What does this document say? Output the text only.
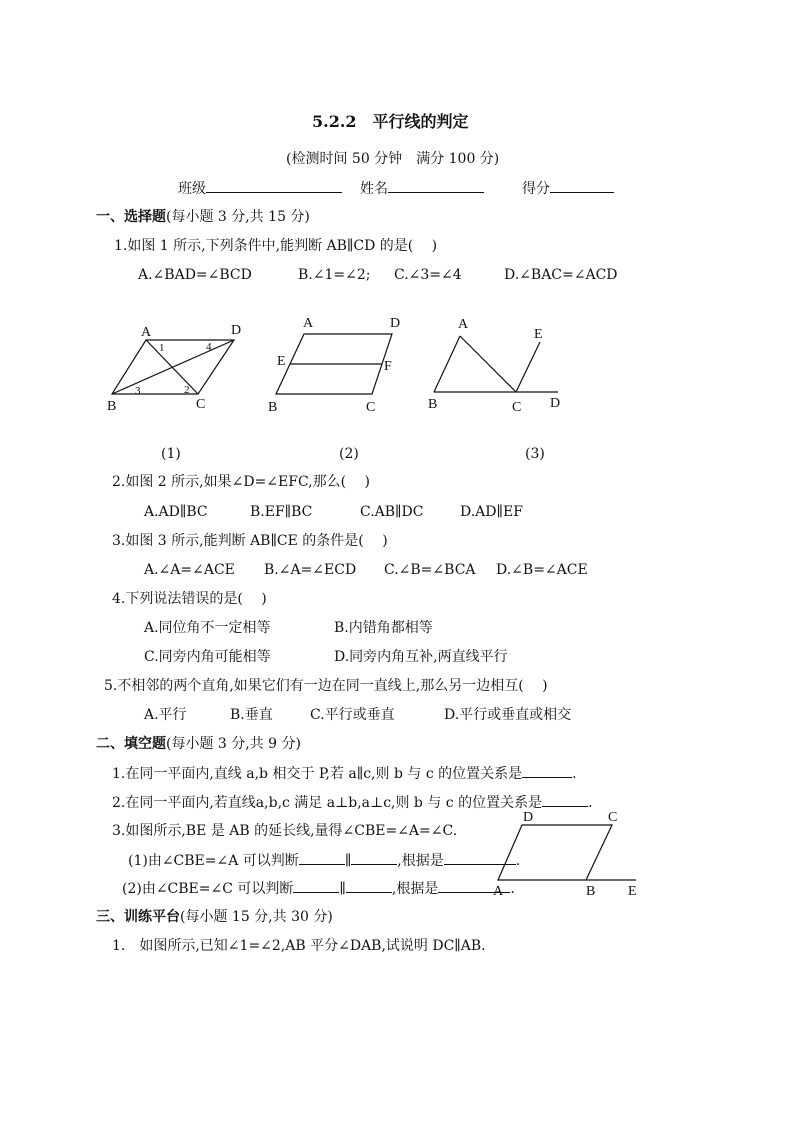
5.2.2　平行线的判定
(检测时间 50 分钟　满分 100 分)
班级	姓名	得分
一、选择题(每小题 3 分,共 15 分)
1.如图 1 所示,下列条件中,能判断 AB∥CD 的是(　 )
A.∠BAD=∠BCD	B.∠1=∠2; C.∠3=∠4	D.∠BAC=∠ACD
A	D
B	C
1
2
3
4
A	D
E	F
B	C
A
E
B	C D
(1)	(2)	(3)
2.如图 2 所示,如果∠D=∠EFC,那么(　 )
A.AD∥BC	B.EF∥BC	C.AB∥DC	D.AD∥EF
3.如图 3 所示,能判断 AB∥CE 的条件是(　 )
A.∠A=∠ACE B.∠A=∠ECD C.∠B=∠BCA D.∠B=∠ACE
4.下列说法错误的是(　 )
A.同位角不一定相等	B.内错角都相等
C.同旁内角可能相等	D.同旁内角互补,两直线平行
5.不相邻的两个直角,如果它们有一边在同一直线上,那么另一边相互(　 )
A.平行	B.垂直	C.平行或垂直	D.平行或垂直或相交
二、填空题(每小题 3 分,共 9 分)
1.在同一平面内,直线 a,b 相交于 P,若 a∥c,则 b 与 c 的位置关系是	.
2.在同一平面内,若直线a,b,c 满足 a⊥b,a⊥c,则 b 与 c 的位置关系是	.
3.如图所示,BE 是 AB 的延长线,量得∠CBE=∠A=∠C.
(1)由∠CBE=∠A 可以判断	∥	,根据是	.
(2)由∠CBE=∠C 可以判断	∥	,根据是	.
D	C
A	B E
三、训练平台(每小题 15 分,共 30 分)
1.　如图所示,已知∠1=∠2,AB 平分∠DAB,试说明 DC∥AB.
